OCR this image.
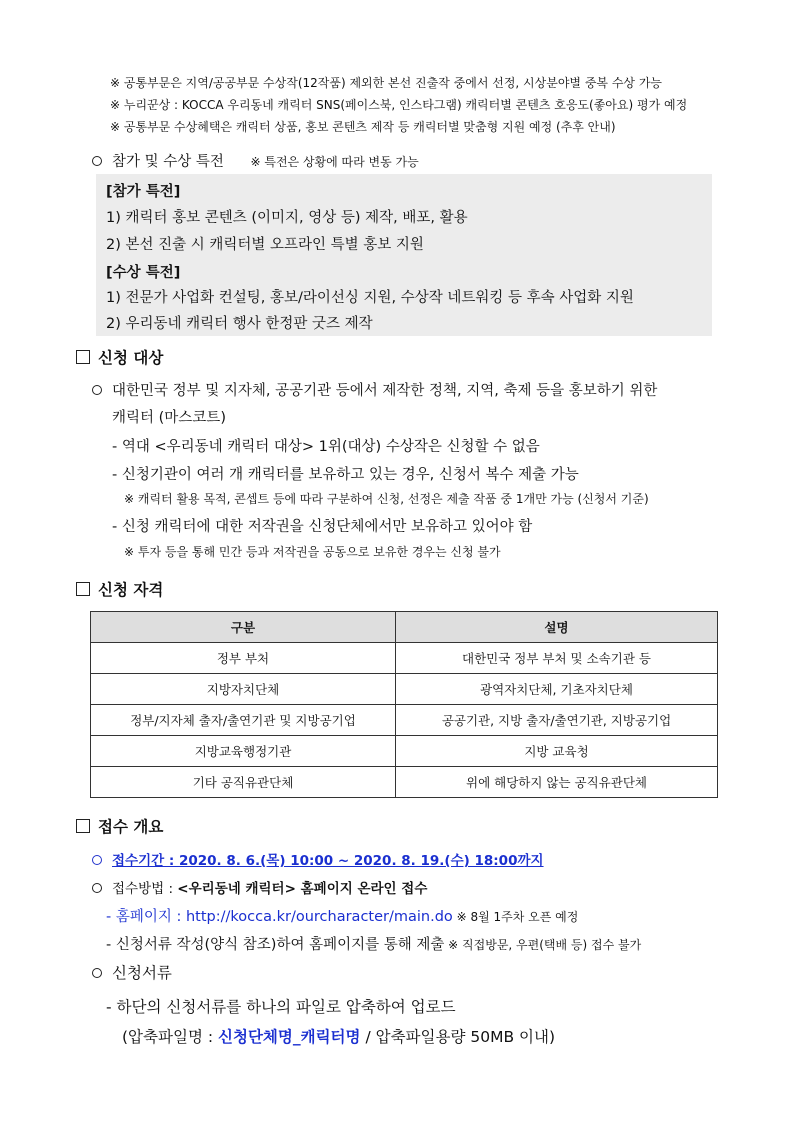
※ 공통부문은 지역/공공부문 수상작(12작품) 제외한 본선 진출작 중에서 선정, 시상분야별 중복 수상 가능
※ 누리꾼상 : KOCCA 우리동네 캐릭터 SNS(페이스북, 인스타그램) 캐릭터별 콘텐츠 호응도(좋아요) 평가 예정
※ 공통부문 수상혜택은 캐릭터 상품, 홍보 콘텐츠 제작 등 캐릭터별 맞춤형 지원 예정 (추후 안내)
참가 및 수상 특전 ※ 특전은 상황에 따라 변동 가능
[참가 특전]
1) 캐릭터 홍보 콘텐츠 (이미지, 영상 등) 제작, 배포, 활용
2) 본선 진출 시 캐릭터별 오프라인 특별 홍보 지원
[수상 특전]
1) 전문가 사업화 컨설팅, 홍보/라이선싱 지원, 수상작 네트워킹 등 후속 사업화 지원
2) 우리동네 캐릭터 행사 한정판 굿즈 제작
신청 대상
대한민국 정부 및 지자체, 공공기관 등에서 제작한 정책, 지역, 축제 등을 홍보하기 위한
캐릭터 (마스코트)
- 역대 <우리동네 캐릭터 대상> 1위(대상) 수상작은 신청할 수 없음
- 신청기관이 여러 개 캐릭터를 보유하고 있는 경우, 신청서 복수 제출 가능
※ 캐릭터 활용 목적, 콘셉트 등에 따라 구분하여 신청, 선정은 제출 작품 중 1개만 가능 (신청서 기준)
- 신청 캐릭터에 대한 저작권을 신청단체에서만 보유하고 있어야 함
※ 투자 등을 통해 민간 등과 저작권을 공동으로 보유한 경우는 신청 불가
신청 자격
구분	설명
정부 부처	대한민국 정부 부처 및 소속기관 등
지방자치단체	광역자치단체, 기초자치단체
정부/지자체 출자/출연기관 및 지방공기업	공공기관, 지방 출자/출연기관, 지방공기업
지방교육행정기관	지방 교육청
기타 공직유관단체	위에 해당하지 않는 공직유관단체
접수 개요
접수기간 : 2020. 8. 6.(목) 10:00 ~ 2020. 8. 19.(수) 18:00까지
접수방법 : <우리동네 캐릭터> 홈페이지 온라인 접수
- 홈페이지 : http://kocca.kr/ourcharacter/main.do ※ 8월 1주차 오픈 예정
- 신청서류 작성(양식 참조)하여 홈페이지를 통해 제출 ※ 직접방문, 우편(택배 등) 접수 불가
신청서류
- 하단의 신청서류를 하나의 파일로 압축하여 업로드
(압축파일명 : 신청단체명_캐릭터명 / 압축파일용량 50MB 이내)
